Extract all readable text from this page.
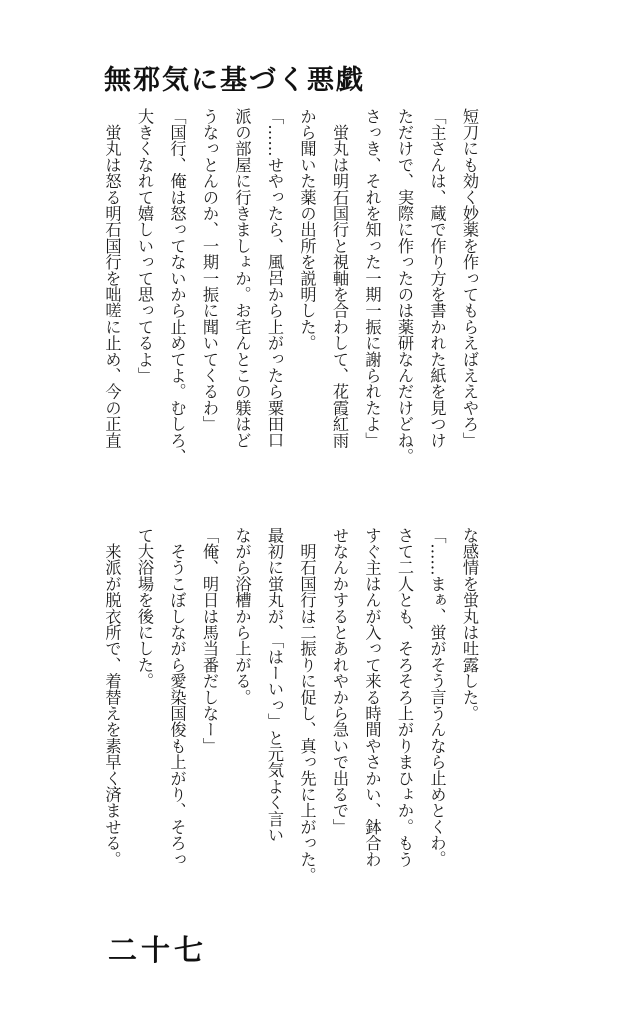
無邪気に基づく悪戯
短刀にも効く妙薬を作ってもらえばええやろ」
「主さんは、蔵で作り方を書かれた紙を見つけ
ただけで、実際に作ったのは薬研なんだけどね。
さっき、それを知った一期一振に謝られたよ」
　蛍丸は明石国行と視軸を合わして、花霞紅雨
から聞いた薬の出所を説明した。
「……せやったら、風呂から上がったら粟田口
派の部屋に行きましょか。お宅んとこの躾はど
うなっとんのか、一期一振に聞いてくるわ」
「国行、俺は怒ってないから止めてよ。むしろ、
大きくなれて嬉しいって思ってるよ」
　蛍丸は怒る明石国行を咄嗟に止め、今の正直
な感情を蛍丸は吐露した。
「……まぁ、蛍がそう言うんなら止めとくわ。
さて二人とも、そろそろ上がりまひょか。もう
すぐ主はんが入って来る時間やさかい、鉢合わ
せなんかするとあれやから急いで出るで」
　明石国行は二振りに促し、真っ先に上がった。
最初に蛍丸が、「はーいっ」と元気よく言い
ながら浴槽から上がる。
「俺、明日は馬当番だしなー」
　そうこぼしながら愛染国俊も上がり、そろっ
て大浴場を後にした。
　来派が脱衣所で、着替えを素早く済ませる。
二十七
